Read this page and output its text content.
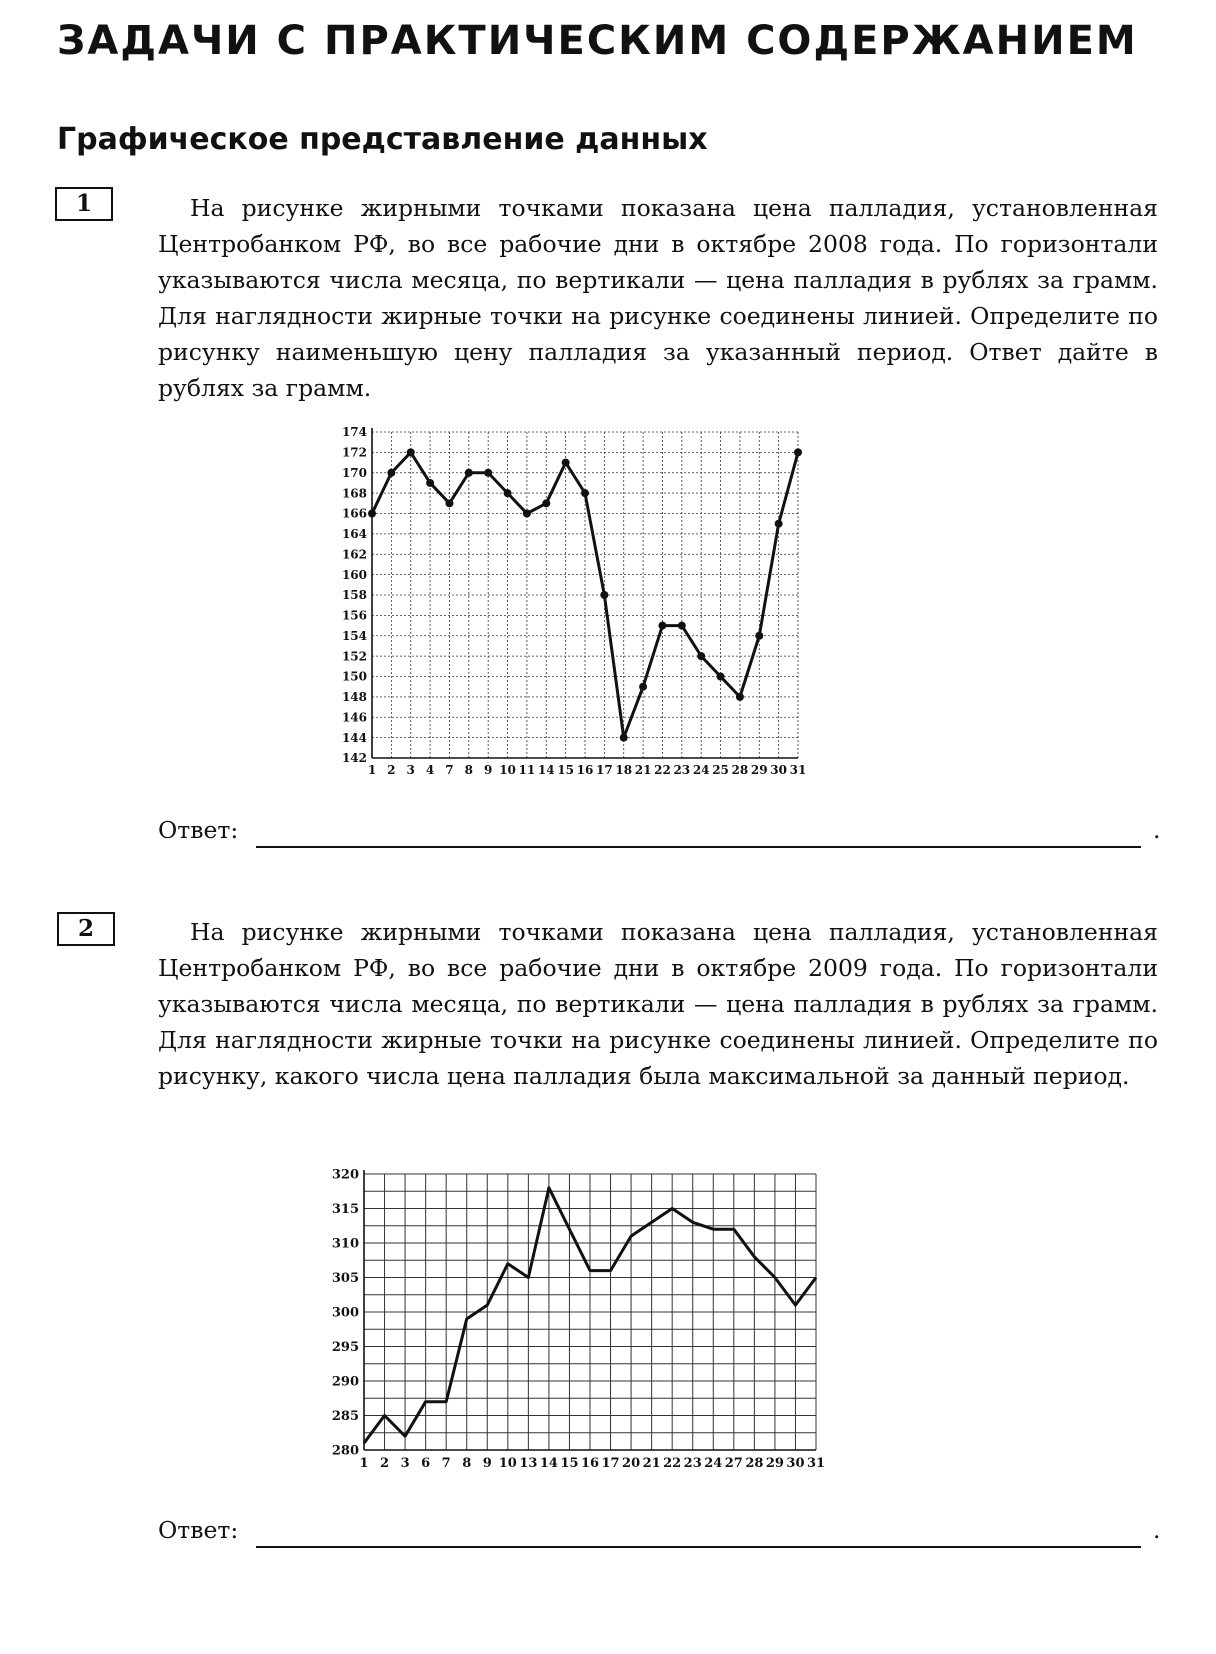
ЗАДАЧИ С ПРАКТИЧЕСКИМ СОДЕРЖАНИЕМ
Графическое представление данных
1	На рисунке жирными точками показана цена палладия, установленная Центробанком РФ, во все рабочие дни в октябре 2008 года. По горизонтали указываются числа месяца, по вертикали — цена палладия в рублях за грамм. Для наглядности жирные точки на рисунке соединены линией. Определите по рисунку наименьшую цену палладия за указанный период. Ответ дайте в рублях за грамм.

142
144
146
148
150
152
154
156
158
160
162
164
166
168
170
172
174
1 2 3 4 7 8 9 10 11 14 15 16 17 18 21 22 23 24 25 28 29 30 31
Ответ:	.
2	На рисунке жирными точками показана цена палладия, установленная Центробанком РФ, во все рабочие дни в октябре 2009 года. По горизонтали указываются числа месяца, по вертикали — цена палладия в рублях за грамм. Для наглядности жирные точки на рисунке соединены линией. Определите по рисунку, какого числа цена палладия была максимальной за данный период.

280
285
290
295
300
305
310
315
320
1 2 3 6 7 8 9 10 13 14 15 16 17 20 21 22 23 24 27 28 29 30 31
Ответ:	.
